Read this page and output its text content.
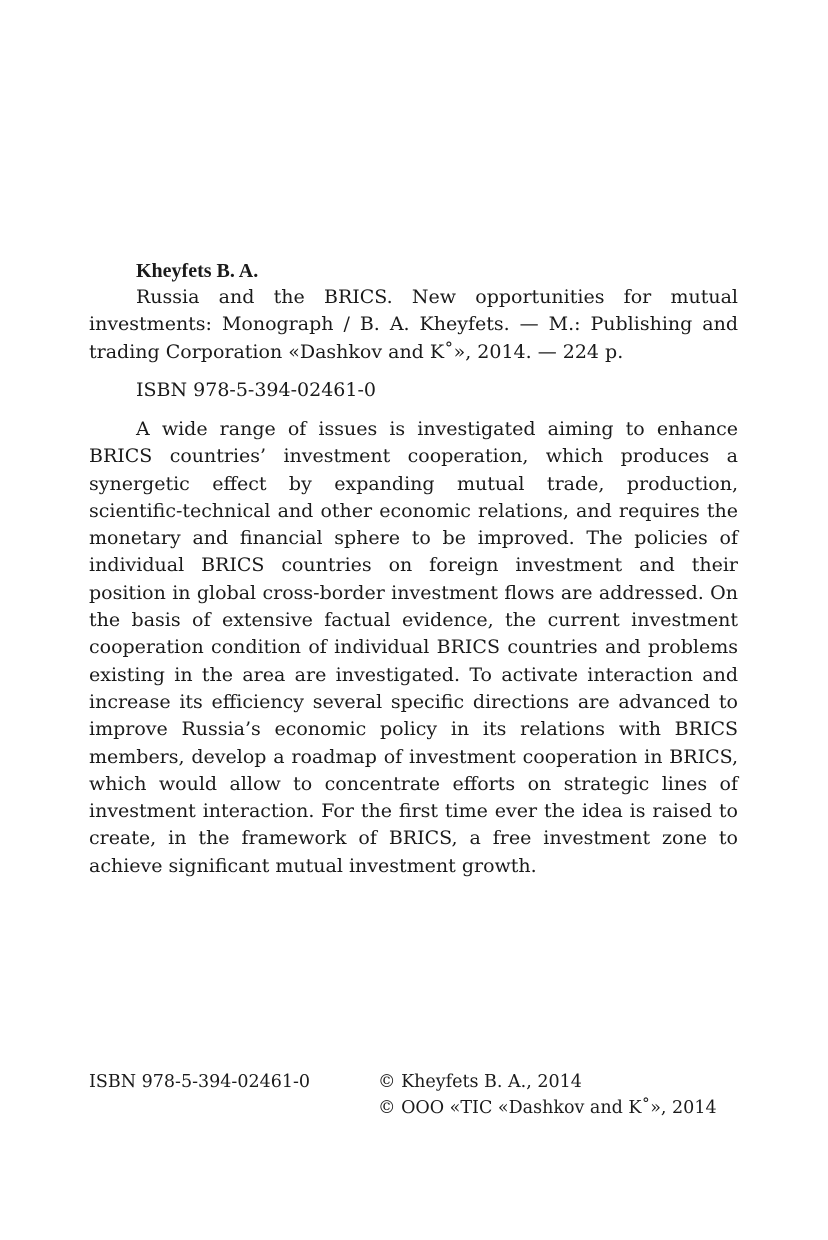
Kheyfets B. A.
Russia and the BRICS. New opportunities for mutual investments: Monograph / B. A. Kheyfets. — M.: Publishing and trading Corporation «Dashkov and K˚», 2014. — 224 p.
ISBN 978-5-394-02461-0
A wide range of issues is investigated aiming to enhance BRICS countries’ investment cooperation, which produces a synergetic effect by expanding mutual trade, production, scientific-technical and other economic relations, and requires the monetary and financial sphere to be improved. The policies of individual BRICS countries on foreign investment and their position in global cross-border investment flows are addressed. On the basis of extensive factual evidence, the current investment cooperation condition of individual BRICS countries and problems existing in the area are investigated. To activate interaction and increase its efficiency several specific directions are advanced to improve Russia’s economic policy in its relations with BRICS members, develop a roadmap of investment cooperation in BRICS, which would allow to concentrate efforts on strategic lines of investment interaction. For the first time ever the idea is raised to create, in the framework of BRICS, a free investment zone to achieve significant mutual investment growth.
ISBN 978-5-394-02461-0	© Kheyfets B. A., 2014
© OOO «TIC «Dashkov and K˚», 2014
